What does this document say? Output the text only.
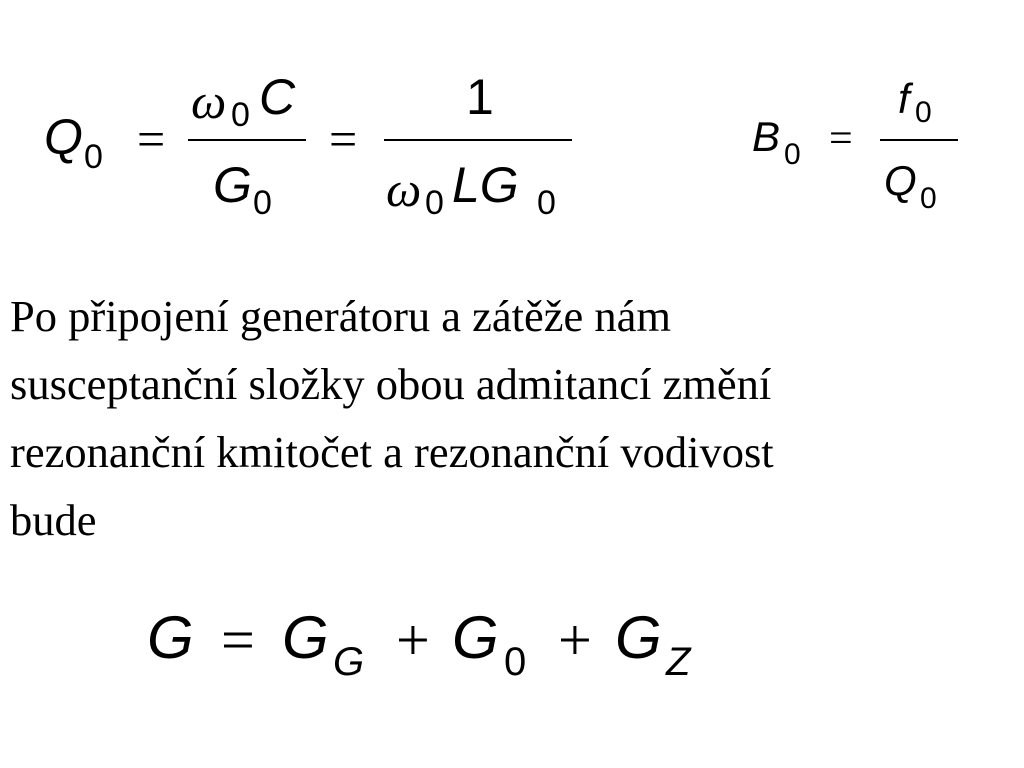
Q 0 =
ω 0 C
G 0
=
1
ω 0 LG 0
B 0 =
f 0
Q 0

Po připojení generátoru a zátěže nám

susceptanční složky obou admitancí změní

rezonanční kmitočet a rezonanční vodivost

bude

G = G G + G 0 + G Z
